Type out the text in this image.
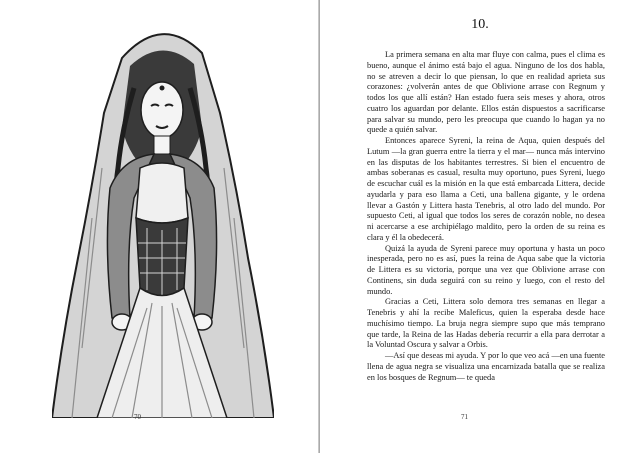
70
10.

La primera semana en alta mar fluye con calma, pues el clima es bueno, aunque el ánimo está bajo el agua. Ninguno de los dos habla, no se atreven a decir lo que piensan, lo que en realidad aprieta sus corazones: ¿volverán antes de que Oblivione arrase con Regnum y todos los que allí están? Han estado fuera seis meses y ahora, otros cuatro los aguardan por delante. Ellos están dispuestos a sacrificarse para salvar su mundo, pero les preocupa que cuando lo hagan ya no quede a quién salvar.

Entonces aparece Syreni, la reina de Aqua, quien después del Lutum —la gran guerra entre la tierra y el mar— nunca más intervino en las disputas de los habitantes terrestres. Si bien el encuentro de ambas soberanas es casual, resulta muy oportuno, pues Syreni, luego de escuchar cuál es la misión en la que está embarcada Littera, decide ayudarla y para eso llama a Ceti, una ballena gigante, y le ordena llevar a Gastón y Littera hasta Tenebris, al otro lado del mundo. Por supuesto Ceti, al igual que todos los seres de corazón noble, no desea ni acercarse a ese archipiélago maldito, pero la orden de su reina es clara y él la obedecerá.

Quizá la ayuda de Syreni parece muy oportuna y hasta un poco inesperada, pero no es así, pues la reina de Aqua sabe que la victoria de Littera es su victoria, porque una vez que Oblivione arrase con Continens, sin duda seguirá con su reino y luego, con el resto del mundo.

Gracias a Ceti, Littera solo demora tres semanas en llegar a Tenebris y ahí la recibe Maleficus, quien la esperaba desde hace muchísimo tiempo. La bruja negra siempre supo que más temprano que tarde, la Reina de las Hadas debería recurrir a ella para derrotar a la Voluntad Oscura y salvar a Orbis.

—Así que deseas mi ayuda. Y por lo que veo acá —en una fuente llena de agua negra se visualiza una encarnizada batalla que se realiza en los bosques de Regnum— te queda

71
